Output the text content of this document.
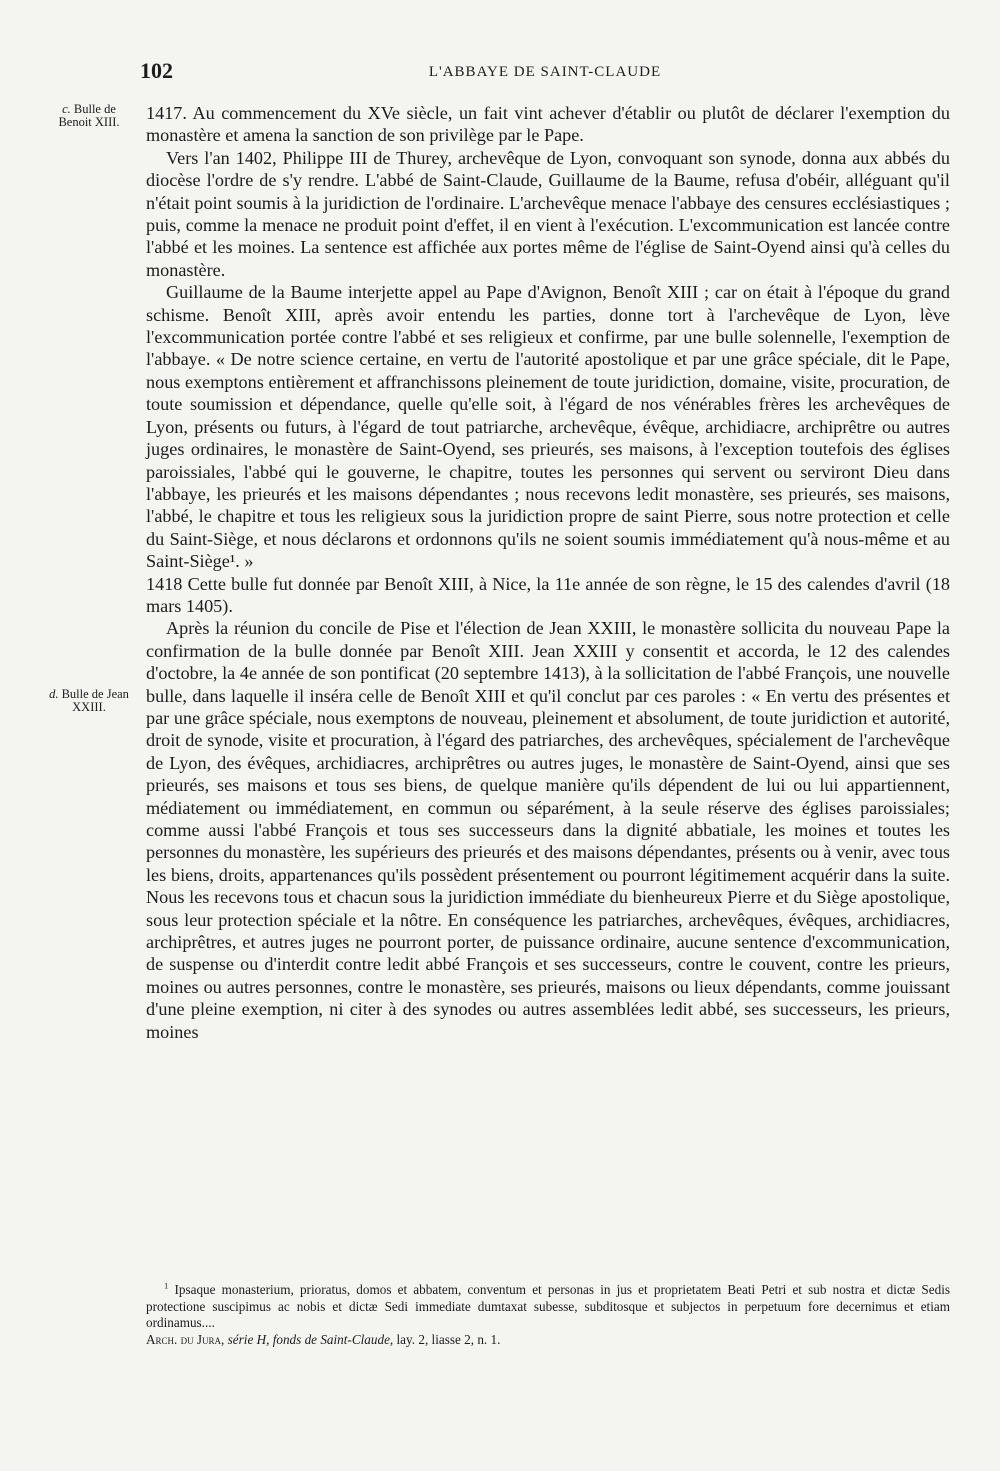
102	L'ABBAYE DE SAINT-CLAUDE
c. Bulle de Benoit XIII.
d. Bulle de Jean XXIII.

1417. Au commencement du XVe siècle, un fait vint achever d'établir ou plutôt de déclarer l'exemption du monastère et amena la sanction de son privilège par le Pape.

Vers l'an 1402, Philippe III de Thurey, archevêque de Lyon, convoquant son synode, donna aux abbés du diocèse l'ordre de s'y rendre. L'abbé de Saint-Claude, Guillaume de la Baume, refusa d'obéir, alléguant qu'il n'était point soumis à la juridiction de l'ordinaire. L'archevêque menace l'abbaye des censures ecclésiastiques ; puis, comme la menace ne produit point d'effet, il en vient à l'exécution. L'excommunication est lancée contre l'abbé et les moines. La sentence est affichée aux portes même de l'église de Saint-Oyend ainsi qu'à celles du monastère.

Guillaume de la Baume interjette appel au Pape d'Avignon, Benoît XIII ; car on était à l'époque du grand schisme. Benoît XIII, après avoir entendu les parties, donne tort à l'archevêque de Lyon, lève l'excommunication portée contre l'abbé et ses religieux et confirme, par une bulle solennelle, l'exemption de l'abbaye. « De notre science certaine, en vertu de l'autorité apostolique et par une grâce spéciale, dit le Pape, nous exemptons entièrement et affranchissons pleinement de toute juridiction, domaine, visite, procuration, de toute soumission et dépendance, quelle qu'elle soit, à l'égard de nos vénérables frères les archevêques de Lyon, présents ou futurs, à l'égard de tout patriarche, archevêque, évêque, archidiacre, archiprêtre ou autres juges ordinaires, le monastère de Saint-Oyend, ses prieurés, ses maisons, à l'exception toutefois des églises paroissiales, l'abbé qui le gouverne, le chapitre, toutes les personnes qui servent ou serviront Dieu dans l'abbaye, les prieurés et les maisons dépendantes ; nous recevons ledit monastère, ses prieurés, ses maisons, l'abbé, le chapitre et tous les religieux sous la juridiction propre de saint Pierre, sous notre protection et celle du Saint-Siège, et nous déclarons et ordonnons qu'ils ne soient soumis immédiatement qu'à nous-même et au Saint-Siège¹. »

1418 Cette bulle fut donnée par Benoît XIII, à Nice, la 11e année de son règne, le 15 des calendes d'avril (18 mars 1405).

Après la réunion du concile de Pise et l'élection de Jean XXIII, le monastère sollicita du nouveau Pape la confirmation de la bulle donnée par Benoît XIII. Jean XXIII y consentit et accorda, le 12 des calendes d'octobre, la 4e année de son pontificat (20 septembre 1413), à la sollicitation de l'abbé François, une nouvelle bulle, dans laquelle il inséra celle de Benoît XIII et qu'il conclut par ces paroles : « En vertu des présentes et par une grâce spéciale, nous exemptons de nouveau, pleinement et absolument, de toute juridiction et autorité, droit de synode, visite et procuration, à l'égard des patriarches, des archevêques, spécialement de l'archevêque de Lyon, des évêques, archidiacres, archiprêtres ou autres juges, le monastère de Saint-Oyend, ainsi que ses prieurés, ses maisons et tous ses biens, de quelque manière qu'ils dépendent de lui ou lui appartiennent, médiatement ou immédiatement, en commun ou séparément, à la seule réserve des églises paroissiales; comme aussi l'abbé François et tous ses successeurs dans la dignité abbatiale, les moines et toutes les personnes du monastère, les supérieurs des prieurés et des maisons dépendantes, présents ou à venir, avec tous les biens, droits, appartenances qu'ils possèdent présentement ou pourront légitimement acquérir dans la suite. Nous les recevons tous et chacun sous la juridiction immédiate du bienheureux Pierre et du Siège apostolique, sous leur protection spéciale et la nôtre. En conséquence les patriarches, archevêques, évêques, archidiacres, archiprêtres, et autres juges ne pourront porter, de puissance ordinaire, aucune sentence d'excommunication, de suspense ou d'interdit contre ledit abbé François et ses successeurs, contre le couvent, contre les prieurs, moines ou autres personnes, contre le monastère, ses prieurés, maisons ou lieux dépendants, comme jouissant d'une pleine exemption, ni citer à des synodes ou autres assemblées ledit abbé, ses successeurs, les prieurs, moines

$^1$ Ipsaque monasterium, prioratus, domos et abbatem, conventum et personas in jus et proprietatem Beati Petri et sub nostra et dictæ Sedis protectione suscipimus ac nobis et dictæ Sedi immediate dumtaxat subesse, subditosque et subjectos in perpetuum fore decernimus et etiam ordinamus....
Arch. du Jura, série H, fonds de Saint-Claude, lay. 2, liasse 2, n. 1.
